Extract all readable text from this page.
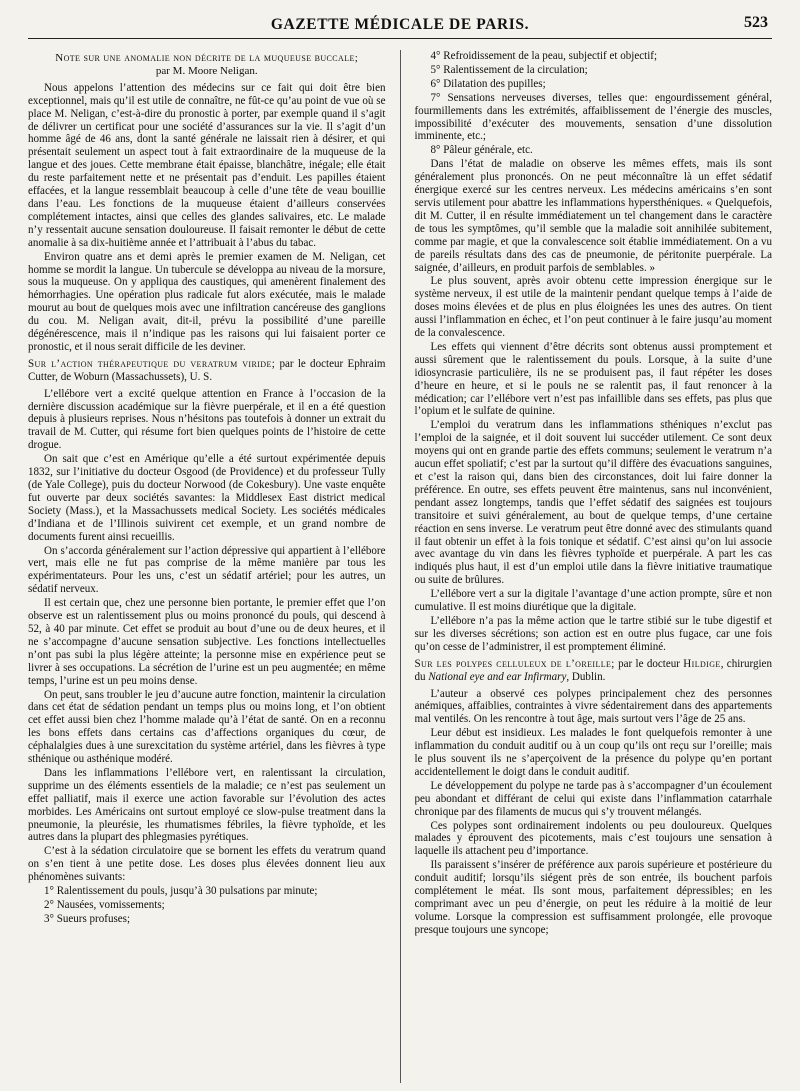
GAZETTE MÉDICALE DE PARIS.	523

Note sur une anomalie non décrite de la muqueuse buccale;
par M. Moore Neligan.

Nous appelons l’attention des médecins sur ce fait qui doit être bien exceptionnel, mais qu’il est utile de connaître, ne fût-ce qu’au point de vue où se place M. Neligan, c’est-à-dire du pronostic à porter, par exemple quand il s’agit de délivrer un certificat pour une société d’assurances sur la vie. Il s’agit d’un homme âgé de 46 ans, dont la santé générale ne laissait rien à désirer, et qui présentait seulement un aspect tout à fait extraordinaire de la muqueuse de la langue et des joues. Cette membrane était épaisse, blanchâtre, inégale; elle était du reste parfaitement nette et ne présentait pas d’enduit. Les papilles étaient effacées, et la langue ressemblait beaucoup à celle d’une tête de veau bouillie dans l’eau. Les fonctions de la muqueuse étaient d’ailleurs conservées complétement intactes, ainsi que celles des glandes salivaires, etc. Le malade n’y ressentait aucune sensation douloureuse. Il faisait remonter le début de cette anomalie à sa dix-huitième année et l’attribuait à l’abus du tabac.

Environ quatre ans et demi après le premier examen de M. Neligan, cet homme se mordit la langue. Un tubercule se développa au niveau de la morsure, sous la muqueuse. On y appliqua des caustiques, qui amenèrent finalement des hémorrhagies. Une opération plus radicale fut alors exécutée, mais le malade mourut au bout de quelques mois avec une infiltration cancéreuse des ganglions du cou. M. Neligan avait, dit-il, prévu la possibilité d’une pareille dégénérescence, mais il n’indique pas les raisons qui lui faisaient porter ce pronostic, et il nous serait difficile de les deviner.

Sur l’action thérapeutique du veratrum viride; par le docteur Ephraim Cutter, de Woburn (Massachussets), U. S.

L’ellébore vert a excité quelque attention en France à l’occasion de la dernière discussion académique sur la fièvre puerpérale, et il en a été question depuis à plusieurs reprises. Nous n’hésitons pas toutefois à donner un extrait du travail de M. Cutter, qui résume fort bien quelques points de l’histoire de cette drogue.

On sait que c’est en Amérique qu’elle a été surtout expérimentée depuis 1832, sur l’initiative du docteur Osgood (de Providence) et du professeur Tully (de Yale College), puis du docteur Norwood (de Cokesbury). Une vaste enquête fut ouverte par deux sociétés savantes: la Middlesex East district medical Society (Mass.), et la Massachussets medical Society. Les sociétés médicales d’Indiana et de l’Illinois suivirent cet exemple, et un grand nombre de documents furent ainsi recueillis.

On s’accorda généralement sur l’action dépressive qui appartient à l’ellébore vert, mais elle ne fut pas comprise de la même manière par tous les expérimentateurs. Pour les uns, c’est un sédatif artériel; pour les autres, un sédatif nerveux.

Il est certain que, chez une personne bien portante, le premier effet que l’on observe est un ralentissement plus ou moins prononcé du pouls, qui descend à 52, à 40 par minute. Cet effet se produit au bout d’une ou de deux heures, et il ne s’accompagne d’aucune sensation subjective. Les fonctions intellectuelles n’ont pas subi la plus légère atteinte; la personne mise en expérience peut se livrer à ses occupations. La sécrétion de l’urine est un peu augmentée; en même temps, l’urine est un peu moins dense.

On peut, sans troubler le jeu d’aucune autre fonction, maintenir la circulation dans cet état de sédation pendant un temps plus ou moins long, et l’on obtient cet effet aussi bien chez l’homme malade qu’à l’état de santé. On en a reconnu les bons effets dans certains cas d’affections organiques du cœur, de céphalalgies dues à une surexcitation du système artériel, dans les fièvres à type sthénique ou asthénique modéré.

Dans les inflammations l’ellébore vert, en ralentissant la circulation, supprime un des éléments essentiels de la maladie; ce n’est pas seulement un effet palliatif, mais il exerce une action favorable sur l’évolution des actes morbides. Les Américains ont surtout employé ce slow-pulse treatment dans la pneumonie, la pleurésie, les rhumatismes fébriles, la fièvre typhoïde, et les autres dans la plupart des phlegmasies pyrétiques.

C’est à la sédation circulatoire que se bornent les effets du veratrum quand on s’en tient à une petite dose. Les doses plus élevées donnent lieu aux phénomènes suivants:

1° Ralentissement du pouls, jusqu’à 30 pulsations par minute;

2° Nausées, vomissements;

3° Sueurs profuses;

4° Refroidissement de la peau, subjectif et objectif;

5° Ralentissement de la circulation;

6° Dilatation des pupilles;

7° Sensations nerveuses diverses, telles que: engourdissement général, fourmillements dans les extrémités, affaiblissement de l’énergie des muscles, impossibilité d’exécuter des mouvements, sensation d’une dissolution imminente, etc.;

8° Pâleur générale, etc.

Dans l’état de maladie on observe les mêmes effets, mais ils sont généralement plus prononcés. On ne peut méconnaître là un effet sédatif énergique exercé sur les centres nerveux. Les médecins américains s’en sont servis utilement pour abattre les inflammations hypersthéniques. « Quelquefois, dit M. Cutter, il en résulte immédiatement un tel changement dans le caractère de tous les symptômes, qu’il semble que la maladie soit annihilée subitement, comme par magie, et que la convalescence soit établie immédiatement. On a vu de pareils résultats dans des cas de pneumonie, de péritonite puerpérale. La saignée, d’ailleurs, en produit parfois de semblables. »

Le plus souvent, après avoir obtenu cette impression énergique sur le système nerveux, il est utile de la maintenir pendant quelque temps à l’aide de doses moins élevées et de plus en plus éloignées les unes des autres. On tient aussi l’inflammation en échec, et l’on peut continuer à le faire jusqu’au moment de la convalescence.

Les effets qui viennent d’être décrits sont obtenus aussi promptement et aussi sûrement que le ralentissement du pouls. Lorsque, à la suite d’une idiosyncrasie particulière, ils ne se produisent pas, il faut répéter les doses d’heure en heure, et si le pouls ne se ralentit pas, il faut renoncer à la médication; car l’ellébore vert n’est pas infaillible dans ses effets, pas plus que l’opium et le sulfate de quinine.

L’emploi du veratrum dans les inflammations sthéniques n’exclut pas l’emploi de la saignée, et il doit souvent lui succéder utilement. Ce sont deux moyens qui ont en grande partie des effets communs; seulement le veratrum n’a aucun effet spoliatif; c’est par la surtout qu’il diffère des évacuations sanguines, et c’est la raison qui, dans bien des circonstances, doit lui faire donner la préférence. En outre, ses effets peuvent être maintenus, sans nul inconvénient, pendant assez longtemps, tandis que l’effet sédatif des saignées est toujours transitoire et suivi généralement, au bout de quelque temps, d’une certaine réaction en sens inverse. Le veratrum peut être donné avec des stimulants quand il faut obtenir un effet à la fois tonique et sédatif. C’est ainsi qu’on lui associe avec avantage du vin dans les fièvres typhoïde et puerpérale. A part les cas indiqués plus haut, il est d’un emploi utile dans la fièvre initiative traumatique ou suite de brûlures.

L’ellébore vert a sur la digitale l’avantage d’une action prompte, sûre et non cumulative. Il est moins diurétique que la digitale.

L’ellébore n’a pas la même action que le tartre stibié sur le tube digestif et sur les diverses sécrétions; son action est en outre plus fugace, car une fois qu’on cesse de l’administrer, il est promptement éliminé.

Sur les polypes celluleux de l’oreille; par le docteur Hildige, chirurgien du National eye and ear Infirmary, Dublin.

L’auteur a observé ces polypes principalement chez des personnes anémiques, affaiblies, contraintes à vivre sédentairement dans des appartements mal ventilés. On les rencontre à tout âge, mais surtout vers l’âge de 25 ans.

Leur début est insidieux. Les malades le font quelquefois remonter à une inflammation du conduit auditif ou à un coup qu’ils ont reçu sur l’oreille; mais le plus souvent ils ne s’aperçoivent de la présence du polype qu’en portant accidentellement le doigt dans le conduit auditif.

Le développement du polype ne tarde pas à s’accompagner d’un écoulement peu abondant et différant de celui qui existe dans l’inflammation catarrhale chronique par des filaments de mucus qui s’y trouvent mélangés.

Ces polypes sont ordinairement indolents ou peu douloureux. Quelques malades y éprouvent des picotements, mais c’est toujours une sensation à laquelle ils attachent peu d’importance.

Ils paraissent s’insérer de préférence aux parois supérieure et postérieure du conduit auditif; lorsqu’ils siégent près de son entrée, ils bouchent parfois complétement le méat. Ils sont mous, parfaitement dépressibles; en les comprimant avec un peu d’énergie, on peut les réduire à la moitié de leur volume. Lorsque la compression est suffisamment prolongée, elle provoque presque toujours une syncope;
